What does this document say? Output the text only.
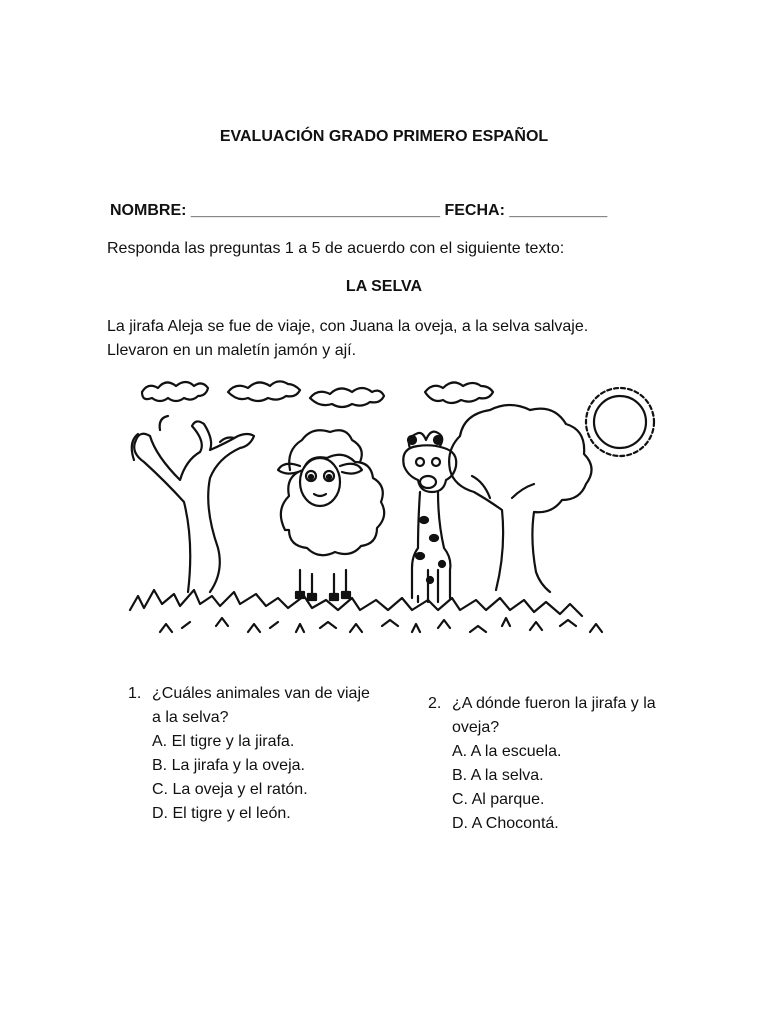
EVALUACIÓN GRADO PRIMERO ESPAÑOL
NOMBRE: ____________________________ FECHA: ___________
Responda las preguntas 1 a 5 de acuerdo con el siguiente texto:
LA SELVA
La jirafa Aleja se fue de viaje, con Juana la oveja, a la selva salvaje.
Llevaron en un maletín jamón y ají.
1. ¿Cuáles animales van de viaje a la selva?
A. El tigre y la jirafa.
B. La jirafa y la oveja.
C. La oveja y el ratón.
D. El tigre y el león.
2. ¿A dónde fueron la jirafa y la oveja?
A. A la escuela.
B. A la selva.
C. Al parque.
D. A Chocontá.
